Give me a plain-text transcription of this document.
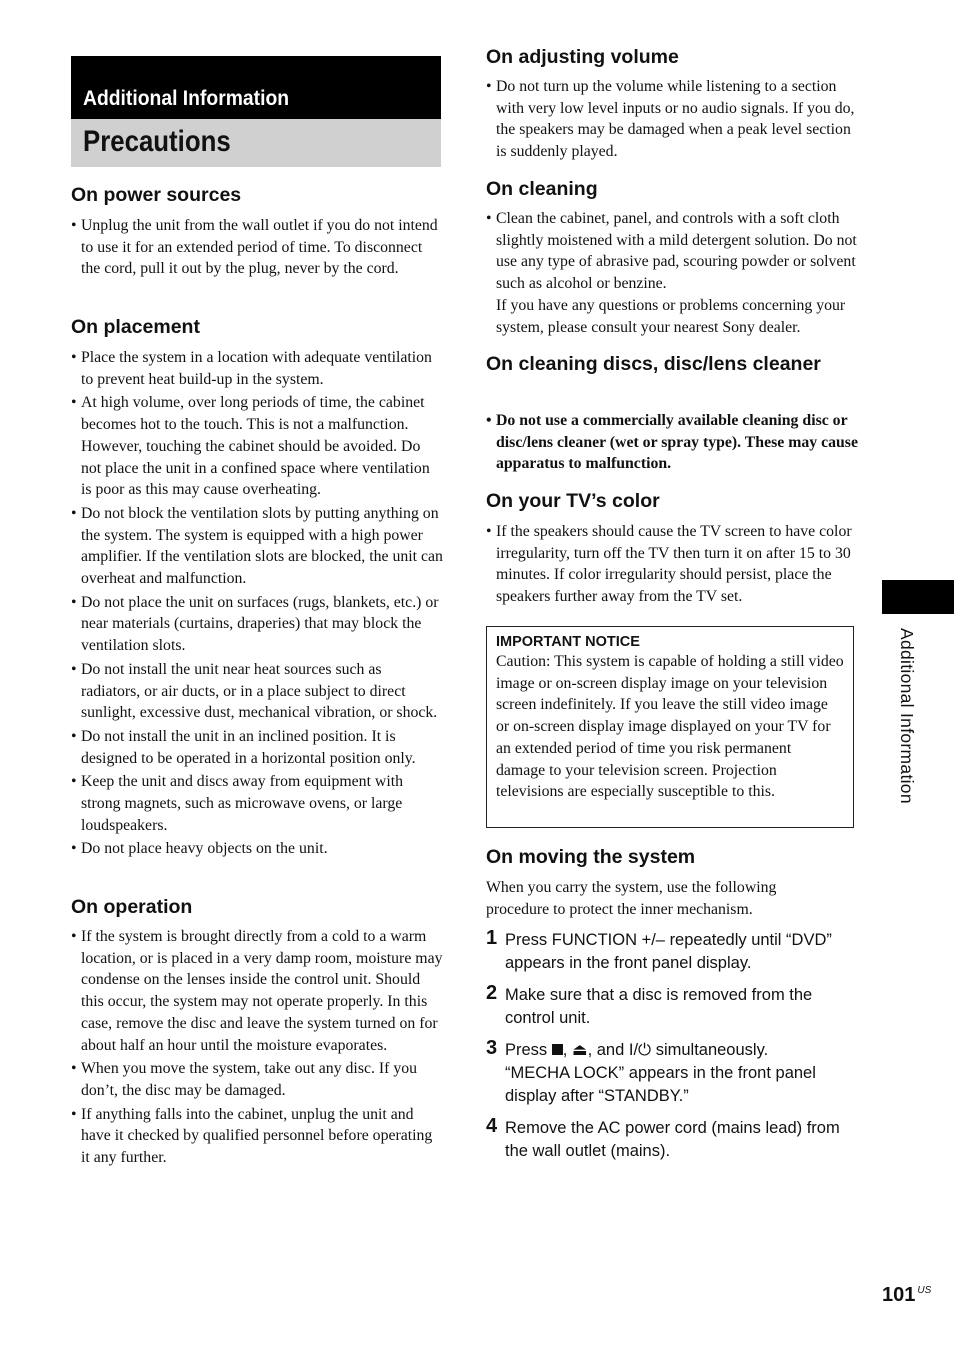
Additional Information
Precautions
On power sources

• Unplug the unit from the wall outlet if you do not intend to use it for an extended period of time. To disconnect the cord, pull it out by the plug, never by the cord.

On placement

• Place the system in a location with adequate ventilation to prevent heat build-up in the system.

• At high volume, over long periods of time, the cabinet becomes hot to the touch. This is not a malfunction. However, touching the cabinet should be avoided. Do not place the unit in a confined space where ventilation is poor as this may cause overheating.

• Do not block the ventilation slots by putting anything on the system. The system is equipped with a high power amplifier. If the ventilation slots are blocked, the unit can overheat and malfunction.

• Do not place the unit on surfaces (rugs, blankets, etc.) or near materials (curtains, draperies) that may block the ventilation slots.

• Do not install the unit near heat sources such as radiators, or air ducts, or in a place subject to direct sunlight, excessive dust, mechanical vibration, or shock.

• Do not install the unit in an inclined position. It is designed to be operated in a horizontal position only.

• Keep the unit and discs away from equipment with strong magnets, such as microwave ovens, or large loudspeakers.

• Do not place heavy objects on the unit.

On operation

• If the system is brought directly from a cold to a warm location, or is placed in a very damp room, moisture may condense on the lenses inside the control unit. Should this occur, the system may not operate properly. In this case, remove the disc and leave the system turned on for about half an hour until the moisture evaporates.

• When you move the system, take out any disc. If you don’t, the disc may be damaged.

• If anything falls into the cabinet, unplug the unit and have it checked by qualified personnel before operating it any further.

On adjusting volume

• Do not turn up the volume while listening to a section with very low level inputs or no audio signals. If you do, the speakers may be damaged when a peak level section is suddenly played.

On cleaning

• Clean the cabinet, panel, and controls with a soft cloth slightly moistened with a mild detergent solution. Do not use any type of abrasive pad, scouring powder or solvent such as alcohol or benzine.

If you have any questions or problems concerning your system, please consult your nearest Sony dealer.

On cleaning discs, disc/lens cleaner

• Do not use a commercially available cleaning disc or disc/lens cleaner (wet or spray type). These may cause apparatus to malfunction.

On your TV’s color

• If the speakers should cause the TV screen to have color irregularity, turn off the TV then turn it on after 15 to 30 minutes. If color irregularity should persist, place the speakers further away from the TV set.

On moving the system

When you carry the system, use the following procedure to protect the inner mechanism.

1 Press FUNCTION +/– repeatedly until “DVD” appears in the front panel display.
2 Make sure that a disc is removed from the control unit.
3 Press , ⏏, and I/⏻ simultaneously.
“MECHA LOCK” appears in the front panel display after “STANDBY.”
4 Remove the AC power cord (mains lead) from the wall outlet (mains).
IMPORTANT NOTICE
Caution: This system is capable of holding a still video image or on-screen display image on your television screen indefinitely. If you leave the still video image or on-screen display image displayed on your TV for an extended period of time you risk permanent damage to your television screen. Projection televisions are especially susceptible to this.	Additional Information
101 $^{US}$
